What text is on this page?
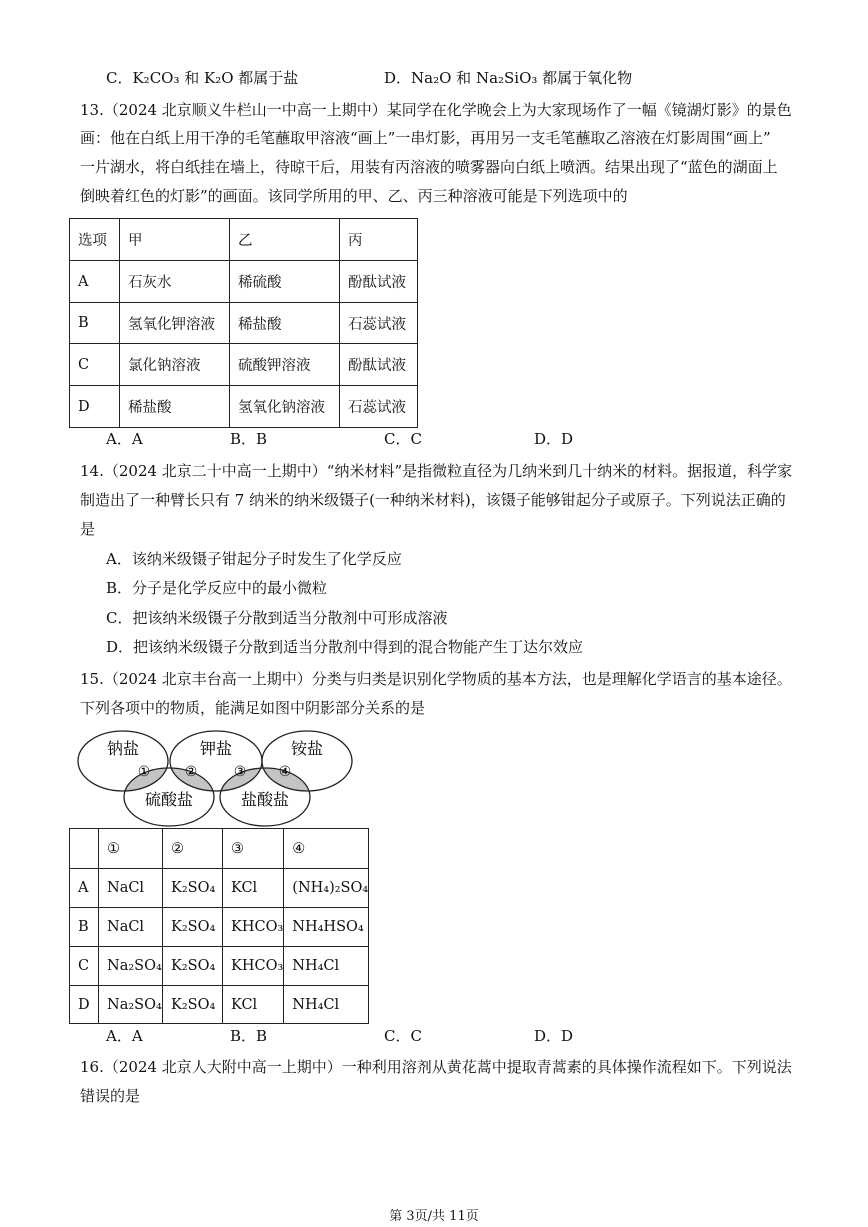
C．K₂CO₃ 和 K₂O 都属于盐	D．Na₂O 和 Na₂SiO₃ 都属于氧化物
13.（2024 北京顺义牛栏山一中高一上期中）某同学在化学晚会上为大家现场作了一幅《镜湖灯影》的景色
画：他在白纸上用干净的毛笔蘸取甲溶液“画上”一串灯影，再用另一支毛笔蘸取乙溶液在灯影周围“画上”
一片湖水，将白纸挂在墙上，待晾干后，用装有丙溶液的喷雾器向白纸上喷洒。结果出现了“蓝色的湖面上
倒映着红色的灯影”的画面。该同学所用的甲、乙、丙三种溶液可能是下列选项中的
选项	甲	乙	丙
A	石灰水	稀硫酸	酚酞试液
B	氢氧化钾溶液	稀盐酸	石蕊试液
C	氯化钠溶液	硫酸钾溶液	酚酞试液
D	稀盐酸	氢氧化钠溶液	石蕊试液
A．A	B．B	C．C	D．D
14.（2024 北京二十中高一上期中）“纳米材料”是指微粒直径为几纳米到几十纳米的材料。据报道，科学家
制造出了一种臂长只有 7 纳米的纳米级镊子(一种纳米材料)，该镊子能够钳起分子或原子。下列说法正确的
是
A．该纳米级镊子钳起分子时发生了化学反应
B．分子是化学反应中的最小微粒
C．把该纳米级镊子分散到适当分散剂中可形成溶液
D．把该纳米级镊子分散到适当分散剂中得到的混合物能产生丁达尔效应
15.（2024 北京丰台高一上期中）分类与归类是识别化学物质的基本方法，也是理解化学语言的基本途径。
下列各项中的物质，能满足如图中阴影部分关系的是
钠盐	钾盐	铵盐
硫酸盐	盐酸盐
① ②	③ ④
	①	②	③	④
A	NaCl	K₂SO₄	KCl	(NH₄)₂SO₄
B	NaCl	K₂SO₄	KHCO₃	NH₄HSO₄
C	Na₂SO₄	K₂SO₄	KHCO₃	NH₄Cl
D	Na₂SO₄	K₂SO₄	KCl	NH₄Cl
A．A	B．B	C．C	D．D
16.（2024 北京人大附中高一上期中）一种利用溶剂从黄花蒿中提取青蒿素的具体操作流程如下。下列说法
错误的是
第 3页/共 11页
